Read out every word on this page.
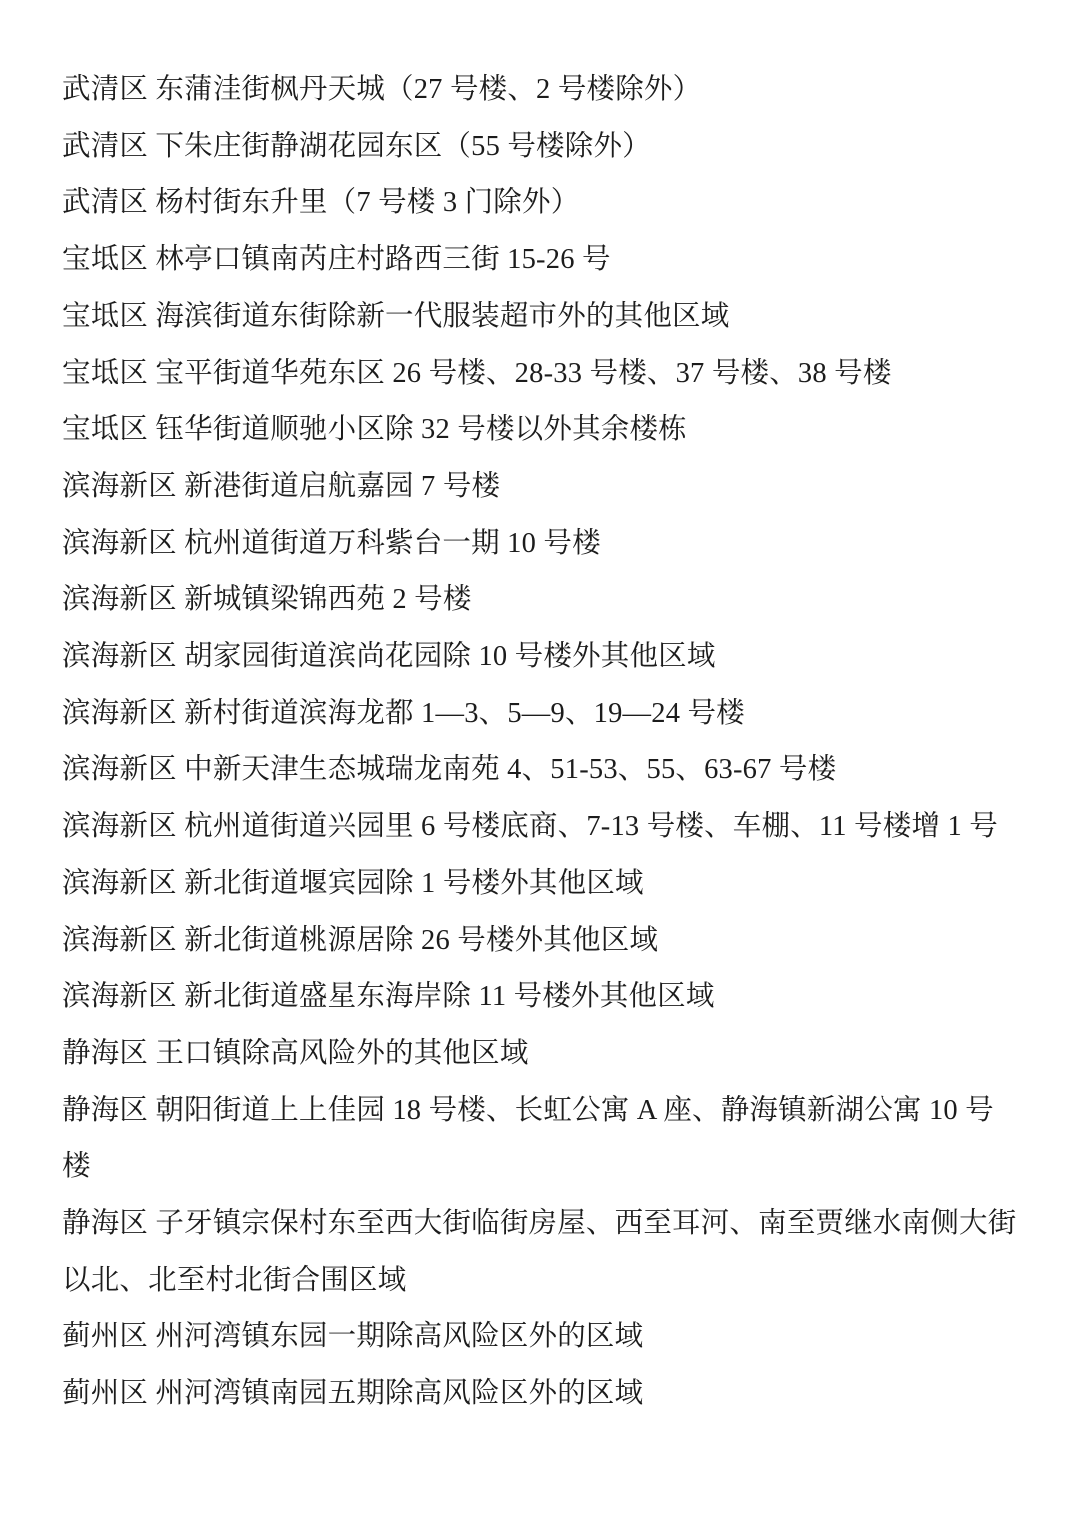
武清区 东蒲洼街枫丹天城（27 号楼、2 号楼除外）
武清区 下朱庄街静湖花园东区（55 号楼除外）
武清区 杨村街东升里（7 号楼 3 门除外）
宝坻区 林亭口镇南芮庄村路西三街 15-26 号
宝坻区 海滨街道东街除新一代服装超市外的其他区域
宝坻区 宝平街道华苑东区 26 号楼、28-33 号楼、37 号楼、38 号楼
宝坻区 钰华街道顺驰小区除 32 号楼以外其余楼栋
滨海新区 新港街道启航嘉园 7 号楼
滨海新区 杭州道街道万科紫台一期 10 号楼
滨海新区 新城镇梁锦西苑 2 号楼
滨海新区 胡家园街道滨尚花园除 10 号楼外其他区域
滨海新区 新村街道滨海龙都 1—3、5—9、19—24 号楼
滨海新区 中新天津生态城瑞龙南苑 4、51-53、55、63-67 号楼
滨海新区 杭州道街道兴园里 6 号楼底商、7-13 号楼、车棚、11 号楼增 1 号
滨海新区 新北街道堰宾园除 1 号楼外其他区域
滨海新区 新北街道桃源居除 26 号楼外其他区域
滨海新区 新北街道盛星东海岸除 11 号楼外其他区域
静海区 王口镇除高风险外的其他区域
静海区 朝阳街道上上佳园 18 号楼、长虹公寓 A 座、静海镇新湖公寓 10 号楼
静海区 子牙镇宗保村东至西大街临街房屋、西至耳河、南至贾继水南侧大街以北、北至村北街合围区域
蓟州区 州河湾镇东园一期除高风险区外的区域
蓟州区 州河湾镇南园五期除高风险区外的区域
